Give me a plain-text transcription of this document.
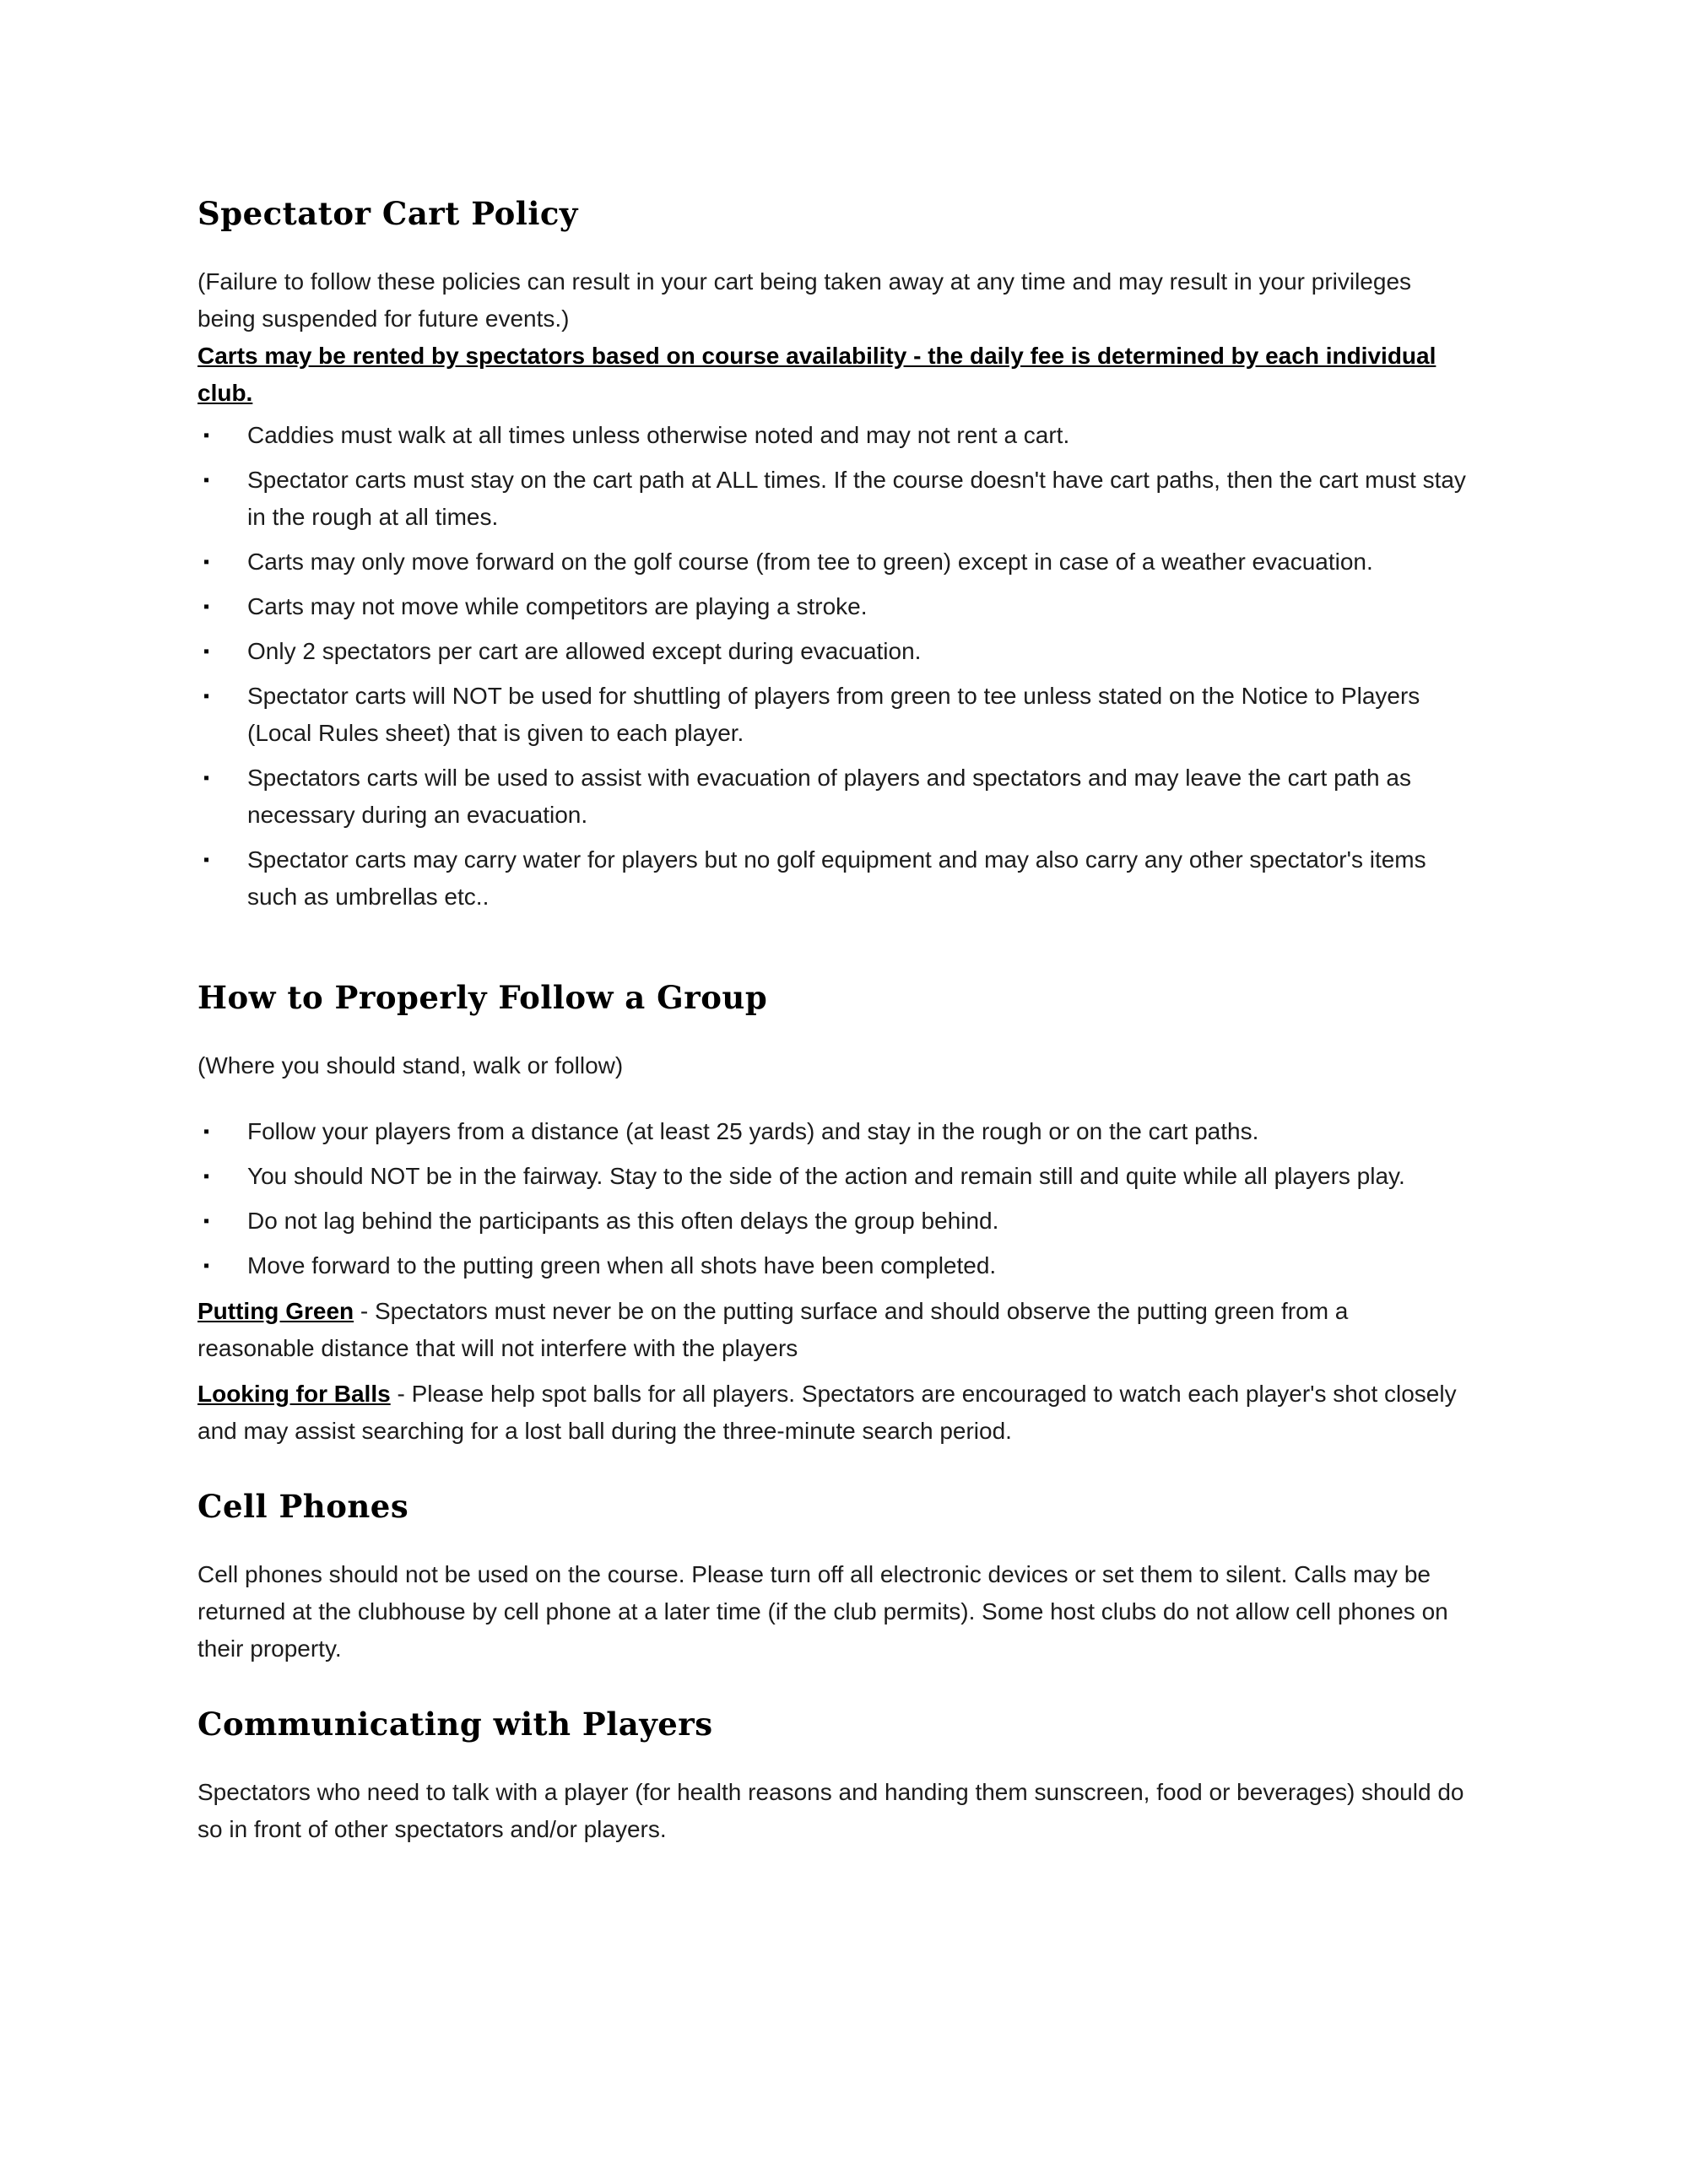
Spectator Cart Policy

(Failure to follow these policies can result in your cart being taken away at any time and may result in your privileges being suspended for future events.)

Carts may be rented by spectators based on course availability - the daily fee is determined by each individual club.

▪ Caddies must walk at all times unless otherwise noted and may not rent a cart.
▪ Spectator carts must stay on the cart path at ALL times. If the course doesn't have cart paths, then the cart must stay in the rough at all times.
▪ Carts may only move forward on the golf course (from tee to green) except in case of a weather evacuation.
▪ Carts may not move while competitors are playing a stroke.
▪ Only 2 spectators per cart are allowed except during evacuation.
▪ Spectator carts will NOT be used for shuttling of players from green to tee unless stated on the Notice to Players (Local Rules sheet) that is given to each player.
▪ Spectators carts will be used to assist with evacuation of players and spectators and may leave the cart path as necessary during an evacuation.
▪ Spectator carts may carry water for players but no golf equipment and may also carry any other spectator's items such as umbrellas etc..
How to Properly Follow a Group

(Where you should stand, walk or follow)

▪ Follow your players from a distance (at least 25 yards) and stay in the rough or on the cart paths.
▪ You should NOT be in the fairway. Stay to the side of the action and remain still and quite while all players play.
▪ Do not lag behind the participants as this often delays the group behind.
▪ Move forward to the putting green when all shots have been completed.

Putting Green - Spectators must never be on the putting surface and should observe the putting green from a reasonable distance that will not interfere with the players

Looking for Balls - Please help spot balls for all players. Spectators are encouraged to watch each player's shot closely and may assist searching for a lost ball during the three-minute search period.

Cell Phones

Cell phones should not be used on the course. Please turn off all electronic devices or set them to silent. Calls may be returned at the clubhouse by cell phone at a later time (if the club permits). Some host clubs do not allow cell phones on their property.

Communicating with Players

Spectators who need to talk with a player (for health reasons and handing them sunscreen, food or beverages) should do so in front of other spectators and/or players.
